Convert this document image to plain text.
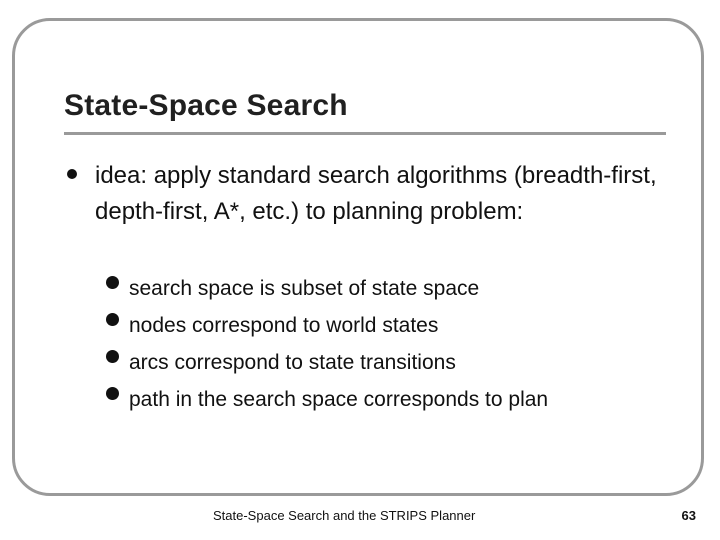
State-Space Search
idea: apply standard search algorithms (breadth-first, depth-first, A*, etc.) to planning problem:
search space is subset of state space
nodes correspond to world states
arcs correspond to state transitions
path in the search space corresponds to plan
State-Space Search and the STRIPS Planner	63
